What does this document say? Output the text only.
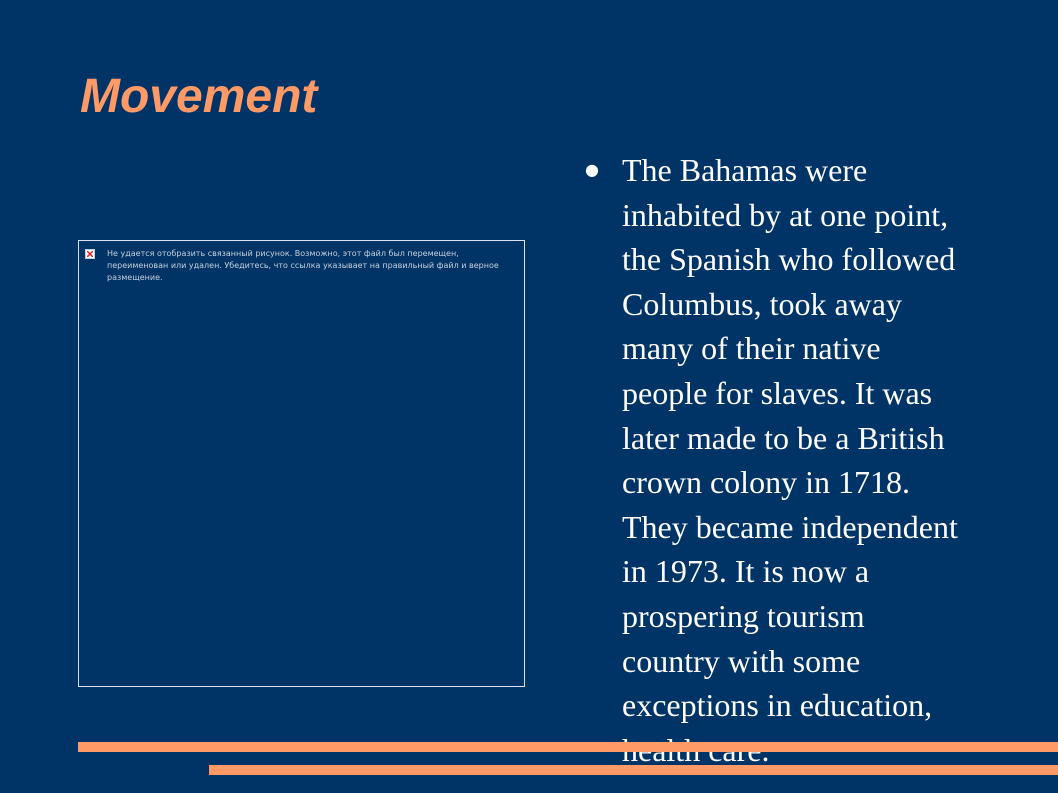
Movement
Не удается отобразить связанный рисунок. Возможно, этот файл был перемещен, переименован или удален. Убедитесь, что ссылка указывает на правильный файл и верное размещение.
● The Bahamas were
inhabited by at one point,
the Spanish who followed
Columbus, took away
many of their native
people for slaves. It was
later made to be a British
crown colony in 1718.
They became independent
in 1973. It is now a
prospering tourism
country with some
exceptions in education,
